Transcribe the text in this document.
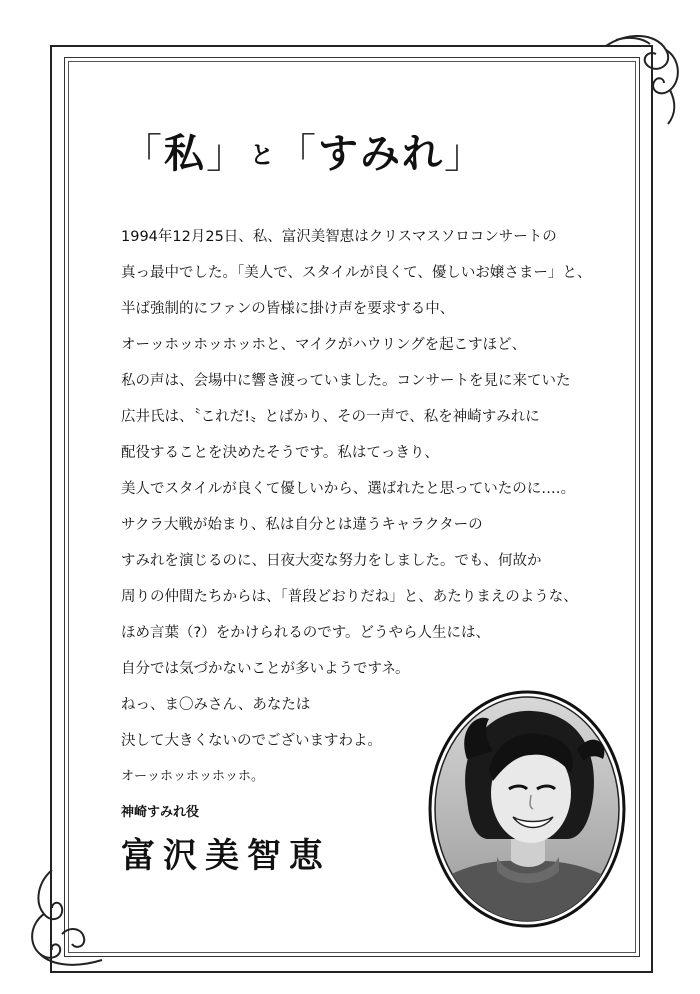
「私」と「すみれ」
1994年12月25日、私、富沢美智恵はクリスマスソロコンサートの
真っ最中でした。「美人で、スタイルが良くて、優しいお嬢さまー」と、
半ば強制的にファンの皆様に掛け声を要求する中、
オーッホッホッホッホと、マイクがハウリングを起こすほど、
私の声は、会場中に響き渡っていました。コンサートを見に来ていた
広井氏は、〝これだ!〟とばかり、その一声で、私を神崎すみれに
配役することを決めたそうです。私はてっきり、
美人でスタイルが良くて優しいから、選ばれたと思っていたのに‥‥。
サクラ大戦が始まり、私は自分とは違うキャラクターの
すみれを演じるのに、日夜大変な努力をしました。でも、何故か
周りの仲間たちからは、「普段どおりだね」と、あたりまえのような、
ほめ言葉（?）をかけられるのです。どうやら人生には、
自分では気づかないことが多いようですネ。
ねっ、ま〇みさん、あなたは
決して大きくないのでございますわよ。
オーッホッホッホッホ。
神崎すみれ役
富沢美智恵
